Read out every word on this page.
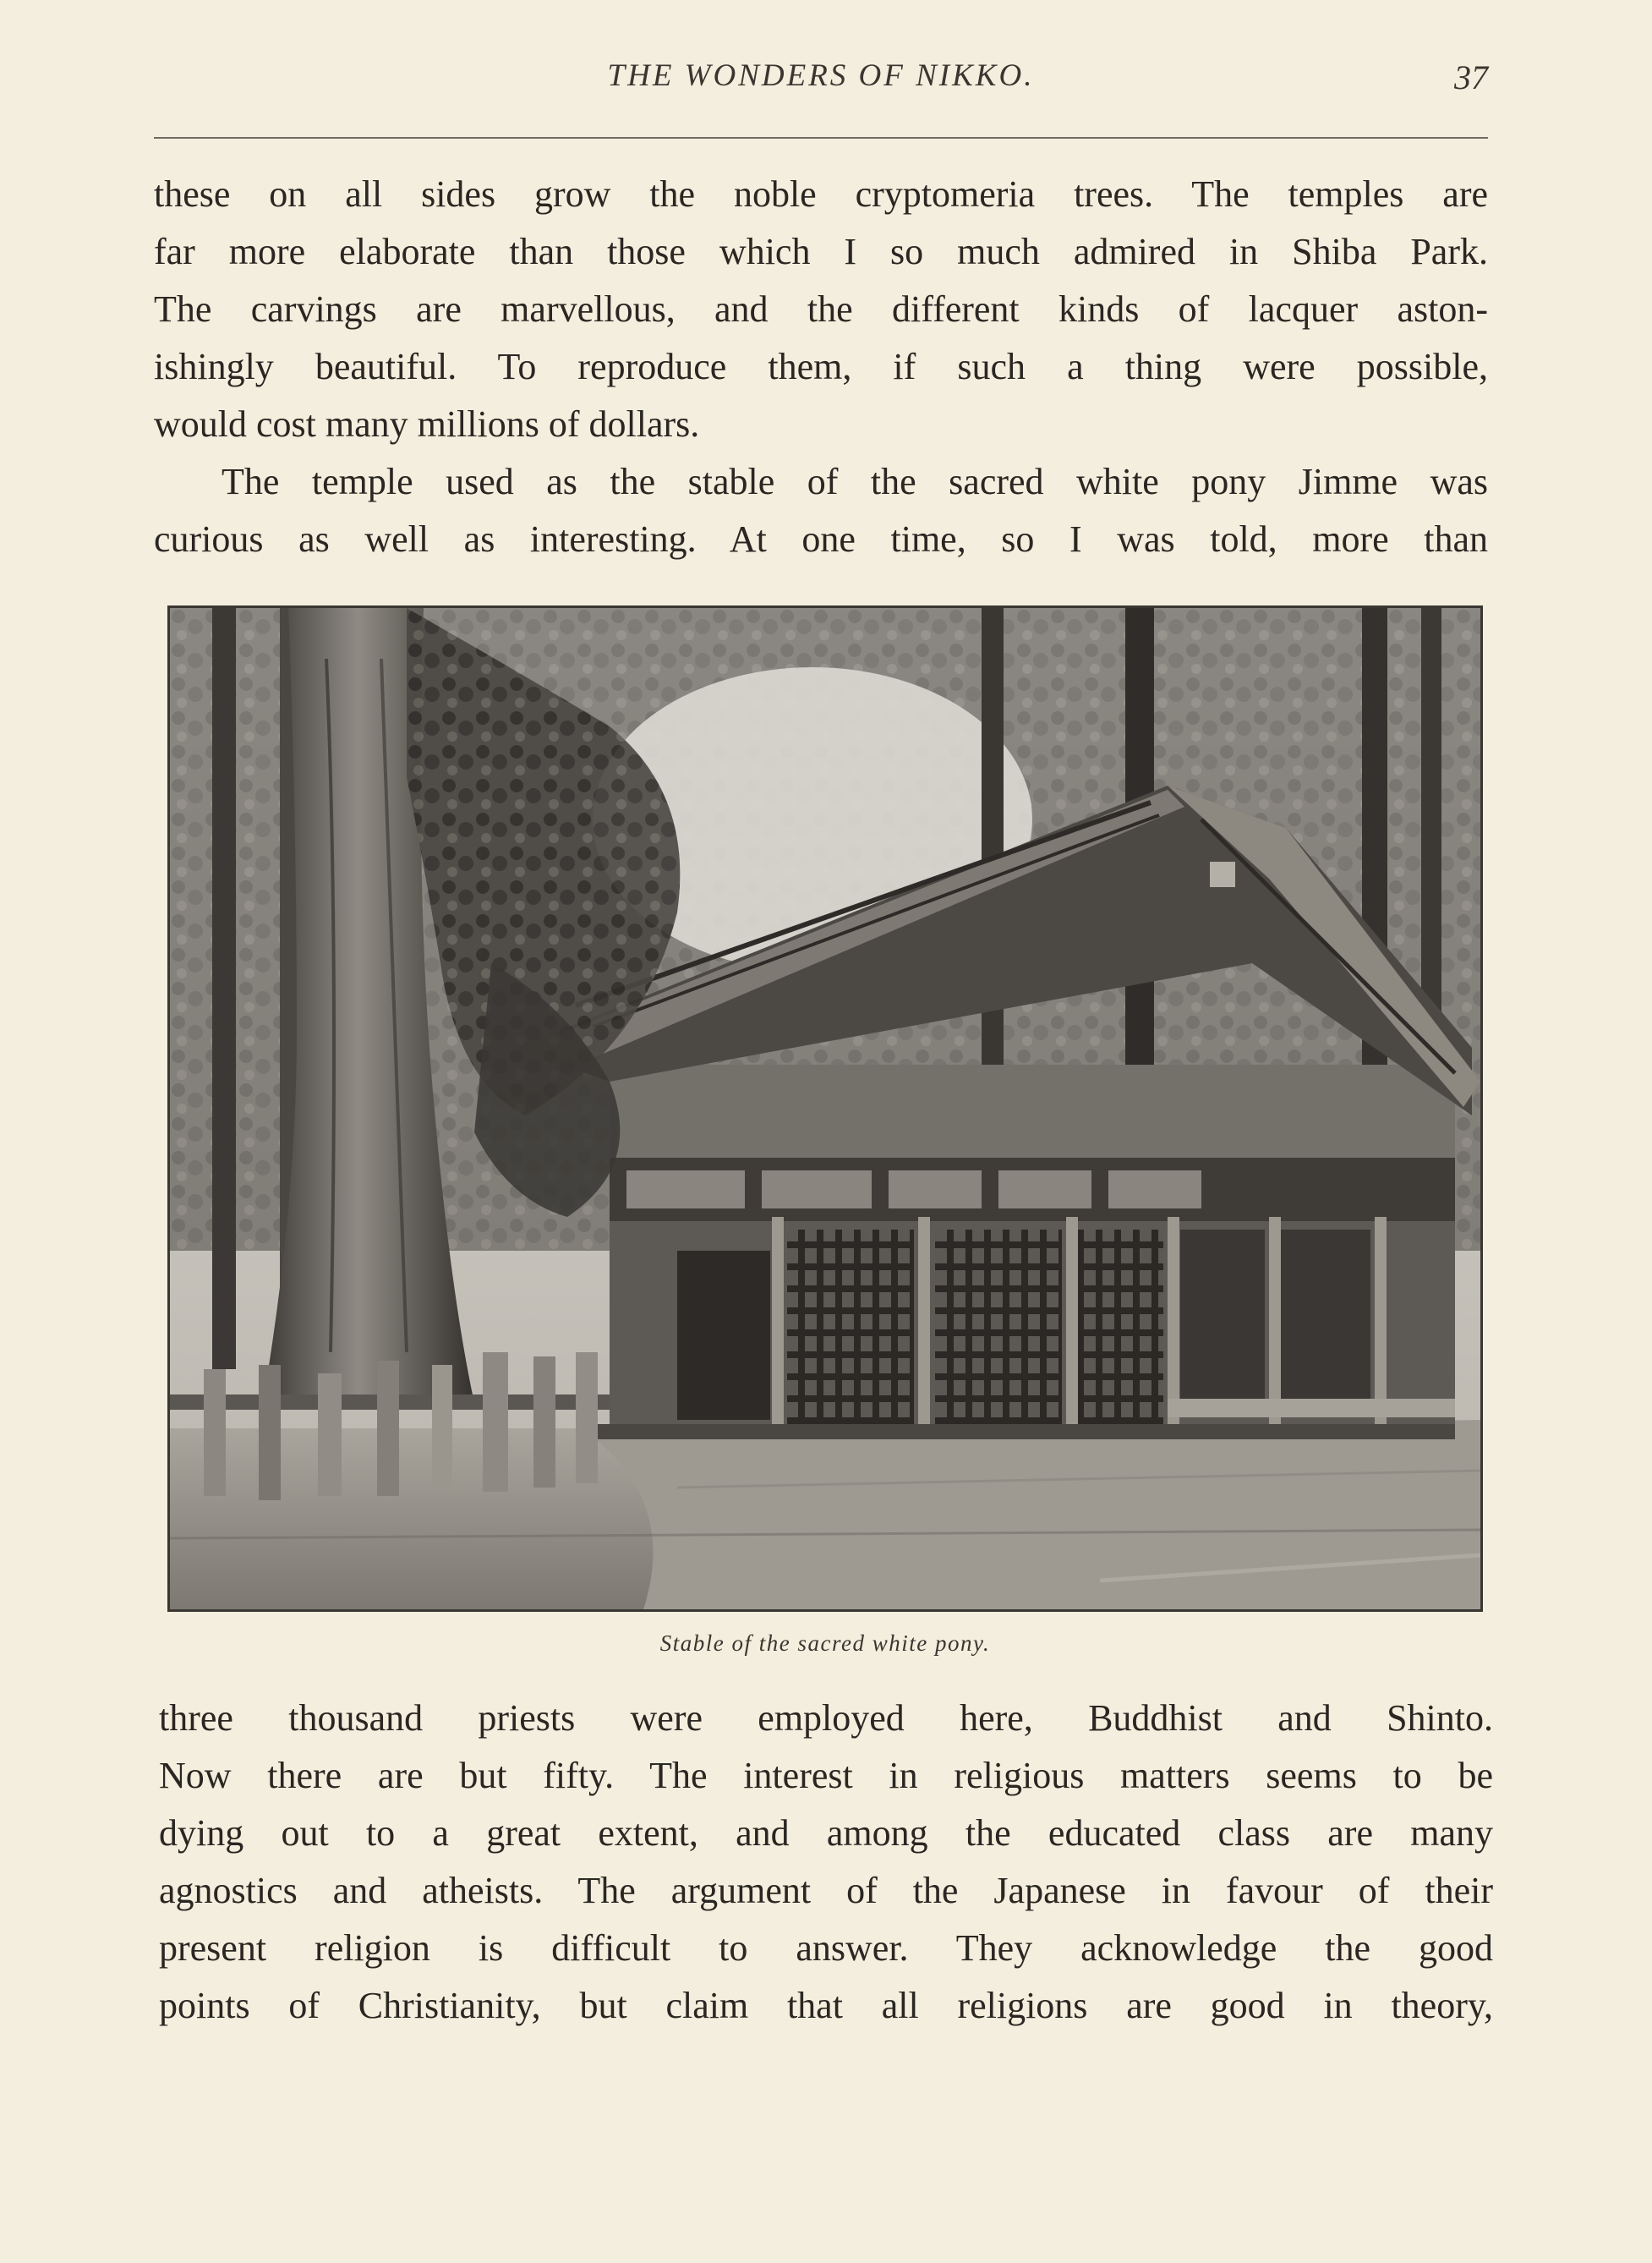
THE WONDERS OF NIKKO.	37

these on all sides grow the noble cryptomeria trees. The temples are

far more elaborate than those which I so much admired in Shiba Park.

The carvings are marvellous, and the different kinds of lacquer aston-

ishingly beautiful. To reproduce them, if such a thing were possible,

would cost many millions of dollars.

The temple used as the stable of the sacred white pony Jimme was

curious as well as interesting. At one time, so I was told, more than

Stable of the sacred white pony.

three thousand priests were employed here, Buddhist and Shinto.

Now there are but fifty. The interest in religious matters seems to be

dying out to a great extent, and among the educated class are many

agnostics and atheists. The argument of the Japanese in favour of their

present religion is difficult to answer. They acknowledge the good

points of Christianity, but claim that all religions are good in theory,
